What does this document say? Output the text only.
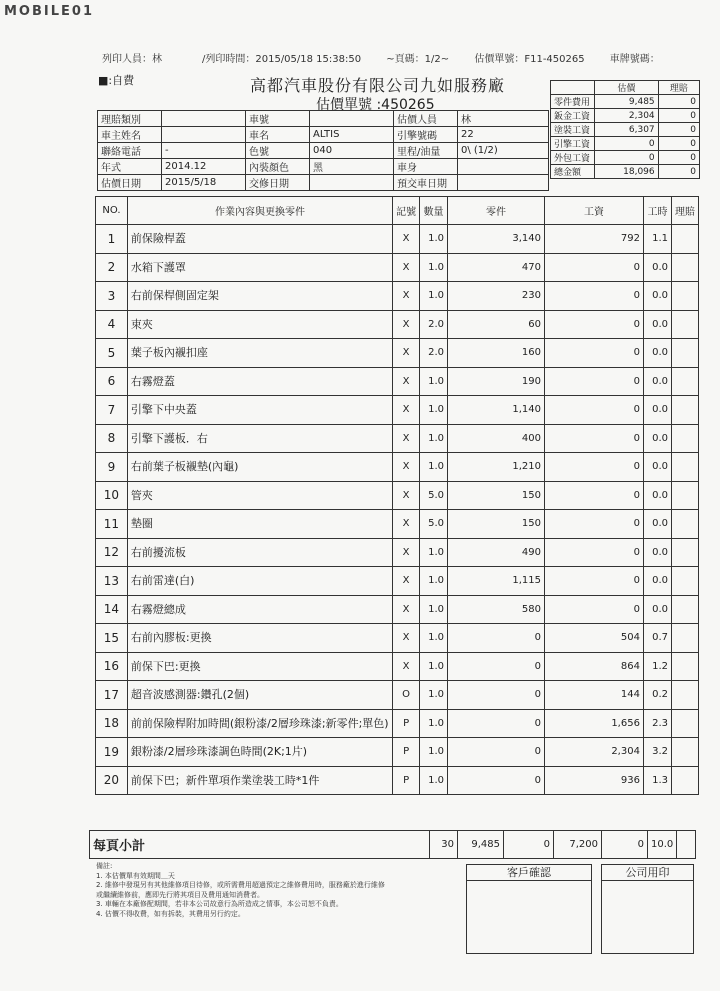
MOBILE01
列印人員：林	/列印時間：2015/05/18 15:38:50	~頁碼：1/2~	估價單號：F11-450265	車牌號碼：
■:自費	高都汽車股份有限公司九如服務廠
估價單號 :450265
	估價	理賠
零件費用	9,485	0
鈑金工資	2,304	0
塗裝工資	6,307	0
引擎工資	0	0
外包工資	0	0
總金額	18,096	0
理賠類別		車號		估價人員	林
車主姓名		車名	ALTIS	引擎號碼	22
聯絡電話	-	色號	040	里程/油量	0\ (1/2)
年式	2014.12	內裝顏色	黑	車身	
估價日期	2015/5/18	交修日期		預交車日期	
NO.	作業內容與更換零件	記號	數量	零件	工資	工時	理賠
1	前保險桿蓋	X	1.0	3,140	792	1.1	
2	水箱下護罩	X	1.0	470	0	0.0	
3	右前保桿側固定架	X	1.0	230	0	0.0	
4	束夾	X	2.0	60	0	0.0	
5	葉子板內襯扣座	X	2.0	160	0	0.0	
6	右霧燈蓋	X	1.0	190	0	0.0	
7	引擎下中央蓋	X	1.0	1,140	0	0.0	
8	引擎下護板．右	X	1.0	400	0	0.0	
9	右前葉子板襯墊(內龜)	X	1.0	1,210	0	0.0	
10	管夾	X	5.0	150	0	0.0	
11	墊圈	X	5.0	150	0	0.0	
12	右前擾流板	X	1.0	490	0	0.0	
13	右前雷達(白)	X	1.0	1,115	0	0.0	
14	右霧燈總成	X	1.0	580	0	0.0	
15	右前內膠板:更換	X	1.0	0	504	0.7	
16	前保下巴:更換	X	1.0	0	864	1.2	
17	超音波感測器:鑽孔(2個)	O	1.0	0	144	0.2	
18	前前保險桿附加時間(銀粉漆/2層珍珠漆;新零件;單色)	P	1.0	0	1,656	2.3	
19	銀粉漆/2層珍珠漆調色時間(2K;1片)	P	1.0	0	2,304	3.2	
20	前保下巴；新件單項作業塗裝工時*1件	P	1.0	0	936	1.3	
每頁小計	30	9,485	0	7,200	0	10.0	
備註:
1. 本估價單有效期間＿天
2. 維修中發現另有其他維修項目待修，或所需費用超過預定之維修費用時，服務廠於進行維修
或繼續維修前，應即先行將其項目及費用通知消費者。
3. 車輛在本廠修配期間，若非本公司故意行為所造成之情事，本公司恕不負責。
4. 估價不得收費，如有拆裝，其費用另行約定。
客戶確認	公司用印
